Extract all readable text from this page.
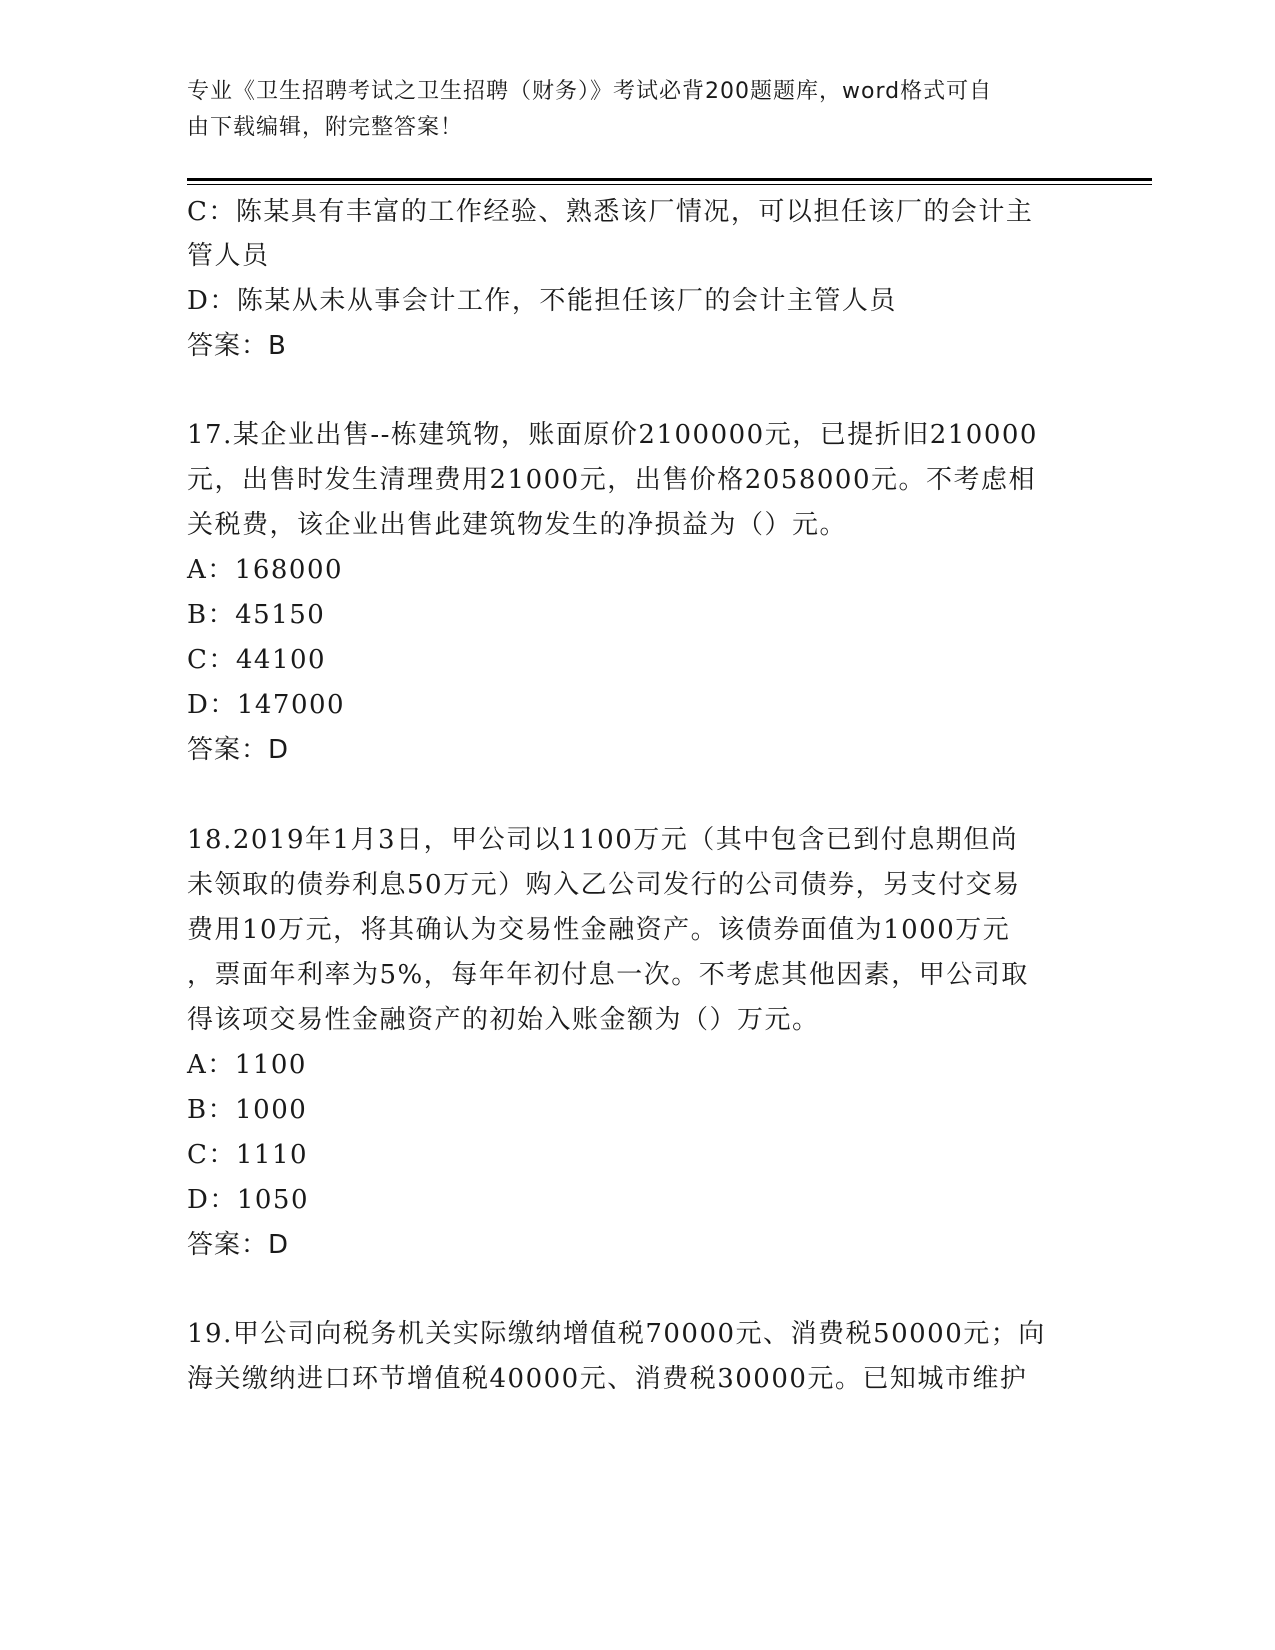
专业《卫生招聘考试之卫生招聘（财务）》考试必背200题题库，word格式可自
由下载编辑，附完整答案！
C：陈某具有丰富的工作经验、熟悉该厂情况，可以担任该厂的会计主
管人员
D：陈某从未从事会计工作，不能担任该厂的会计主管人员
答案：B
17.某企业出售--栋建筑物，账面原价2100000元，已提折旧210000
元，出售时发生清理费用21000元，出售价格2058000元。不考虑相
关税费，该企业出售此建筑物发生的净损益为（）元。
A：168000
B：45150
C：44100
D：147000
答案：D
18.2019年1月3日，甲公司以1100万元（其中包含已到付息期但尚
未领取的债券利息50万元）购入乙公司发行的公司债券，另支付交易
费用10万元，将其确认为交易性金融资产。该债券面值为1000万元
，票面年利率为5%，每年年初付息一次。不考虑其他因素，甲公司取
得该项交易性金融资产的初始入账金额为（）万元。
A：1100
B：1000
C：1110
D：1050
答案：D
19.甲公司向税务机关实际缴纳增值税70000元、消费税50000元；向
海关缴纳进口环节增值税40000元、消费税30000元。已知城市维护
